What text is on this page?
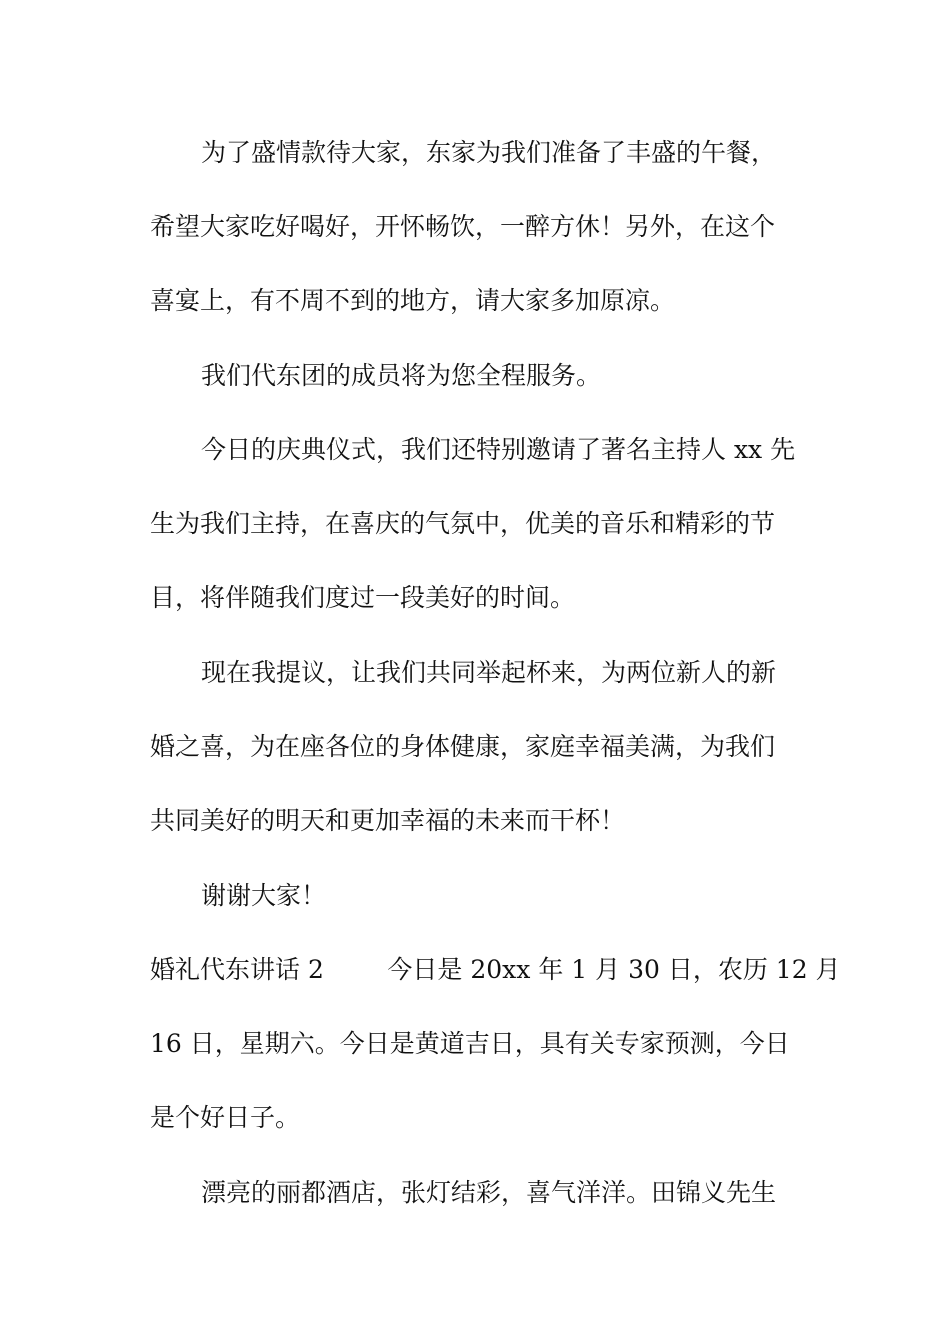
为了盛情款待大家，东家为我们准备了丰盛的午餐，
希望大家吃好喝好，开怀畅饮，一醉方休！另外，在这个
喜宴上，有不周不到的地方，请大家多加原凉。
我们代东团的成员将为您全程服务。
今日的庆典仪式，我们还特别邀请了著名主持人 xx 先
生为我们主持，在喜庆的气氛中，优美的音乐和精彩的节
目，将伴随我们度过一段美好的时间。
现在我提议，让我们共同举起杯来，为两位新人的新
婚之喜，为在座各位的身体健康，家庭幸福美满，为我们
共同美好的明天和更加幸福的未来而干杯！
谢谢大家！
婚礼代东讲话 2        今日是 20xx 年 1 月 30 日，农历 12 月
16 日，星期六。今日是黄道吉日，具有关专家预测，今日
是个好日子。
漂亮的丽都酒店，张灯结彩，喜气洋洋。田锦义先生
